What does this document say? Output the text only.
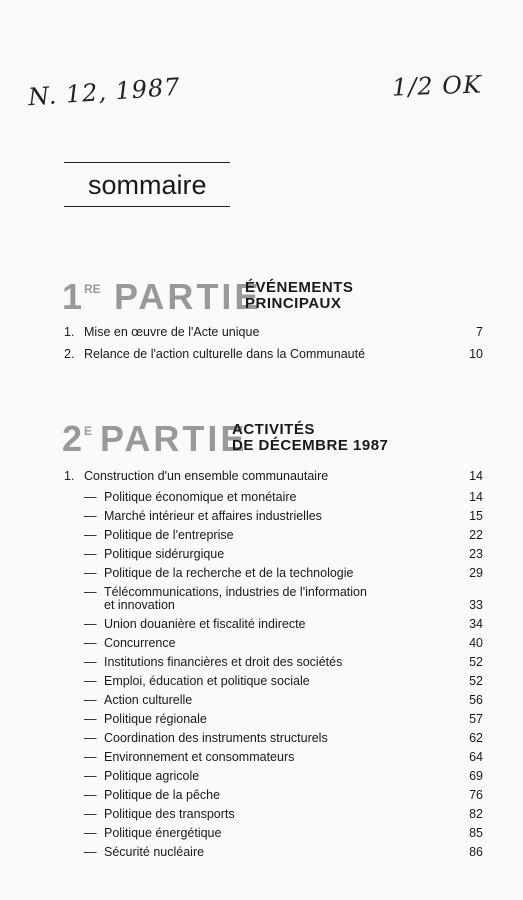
N. 12, 1987	1/2 OK
sommaire
1 RE PARTIE
ÉVÉNEMENTS
PRINCIPAUX
1. Mise en œuvre de l'Acte unique	7
2. Relance de l'action culturelle dans la Communauté	10
2 E PARTIE
ACTIVITÉS
DE DÉCEMBRE 1987
1. Construction d'un ensemble communautaire	14
— Politique économique et monétaire	14
— Marché intérieur et affaires industrielles	15
— Politique de l'entreprise	22
— Politique sidérurgique	23
— Politique de la recherche et de la technologie	29
— Télécommunications, industries de l'information
et innovation	33
— Union douanière et fiscalité indirecte	34
— Concurrence	40
— Institutions financières et droit des sociétés	52
— Emploi, éducation et politique sociale	52
— Action culturelle	56
— Politique régionale	57
— Coordination des instruments structurels	62
— Environnement et consommateurs	64
— Politique agricole	69
— Politique de la pêche	76
— Politique des transports	82
— Politique énergétique	85
— Sécurité nucléaire	86
